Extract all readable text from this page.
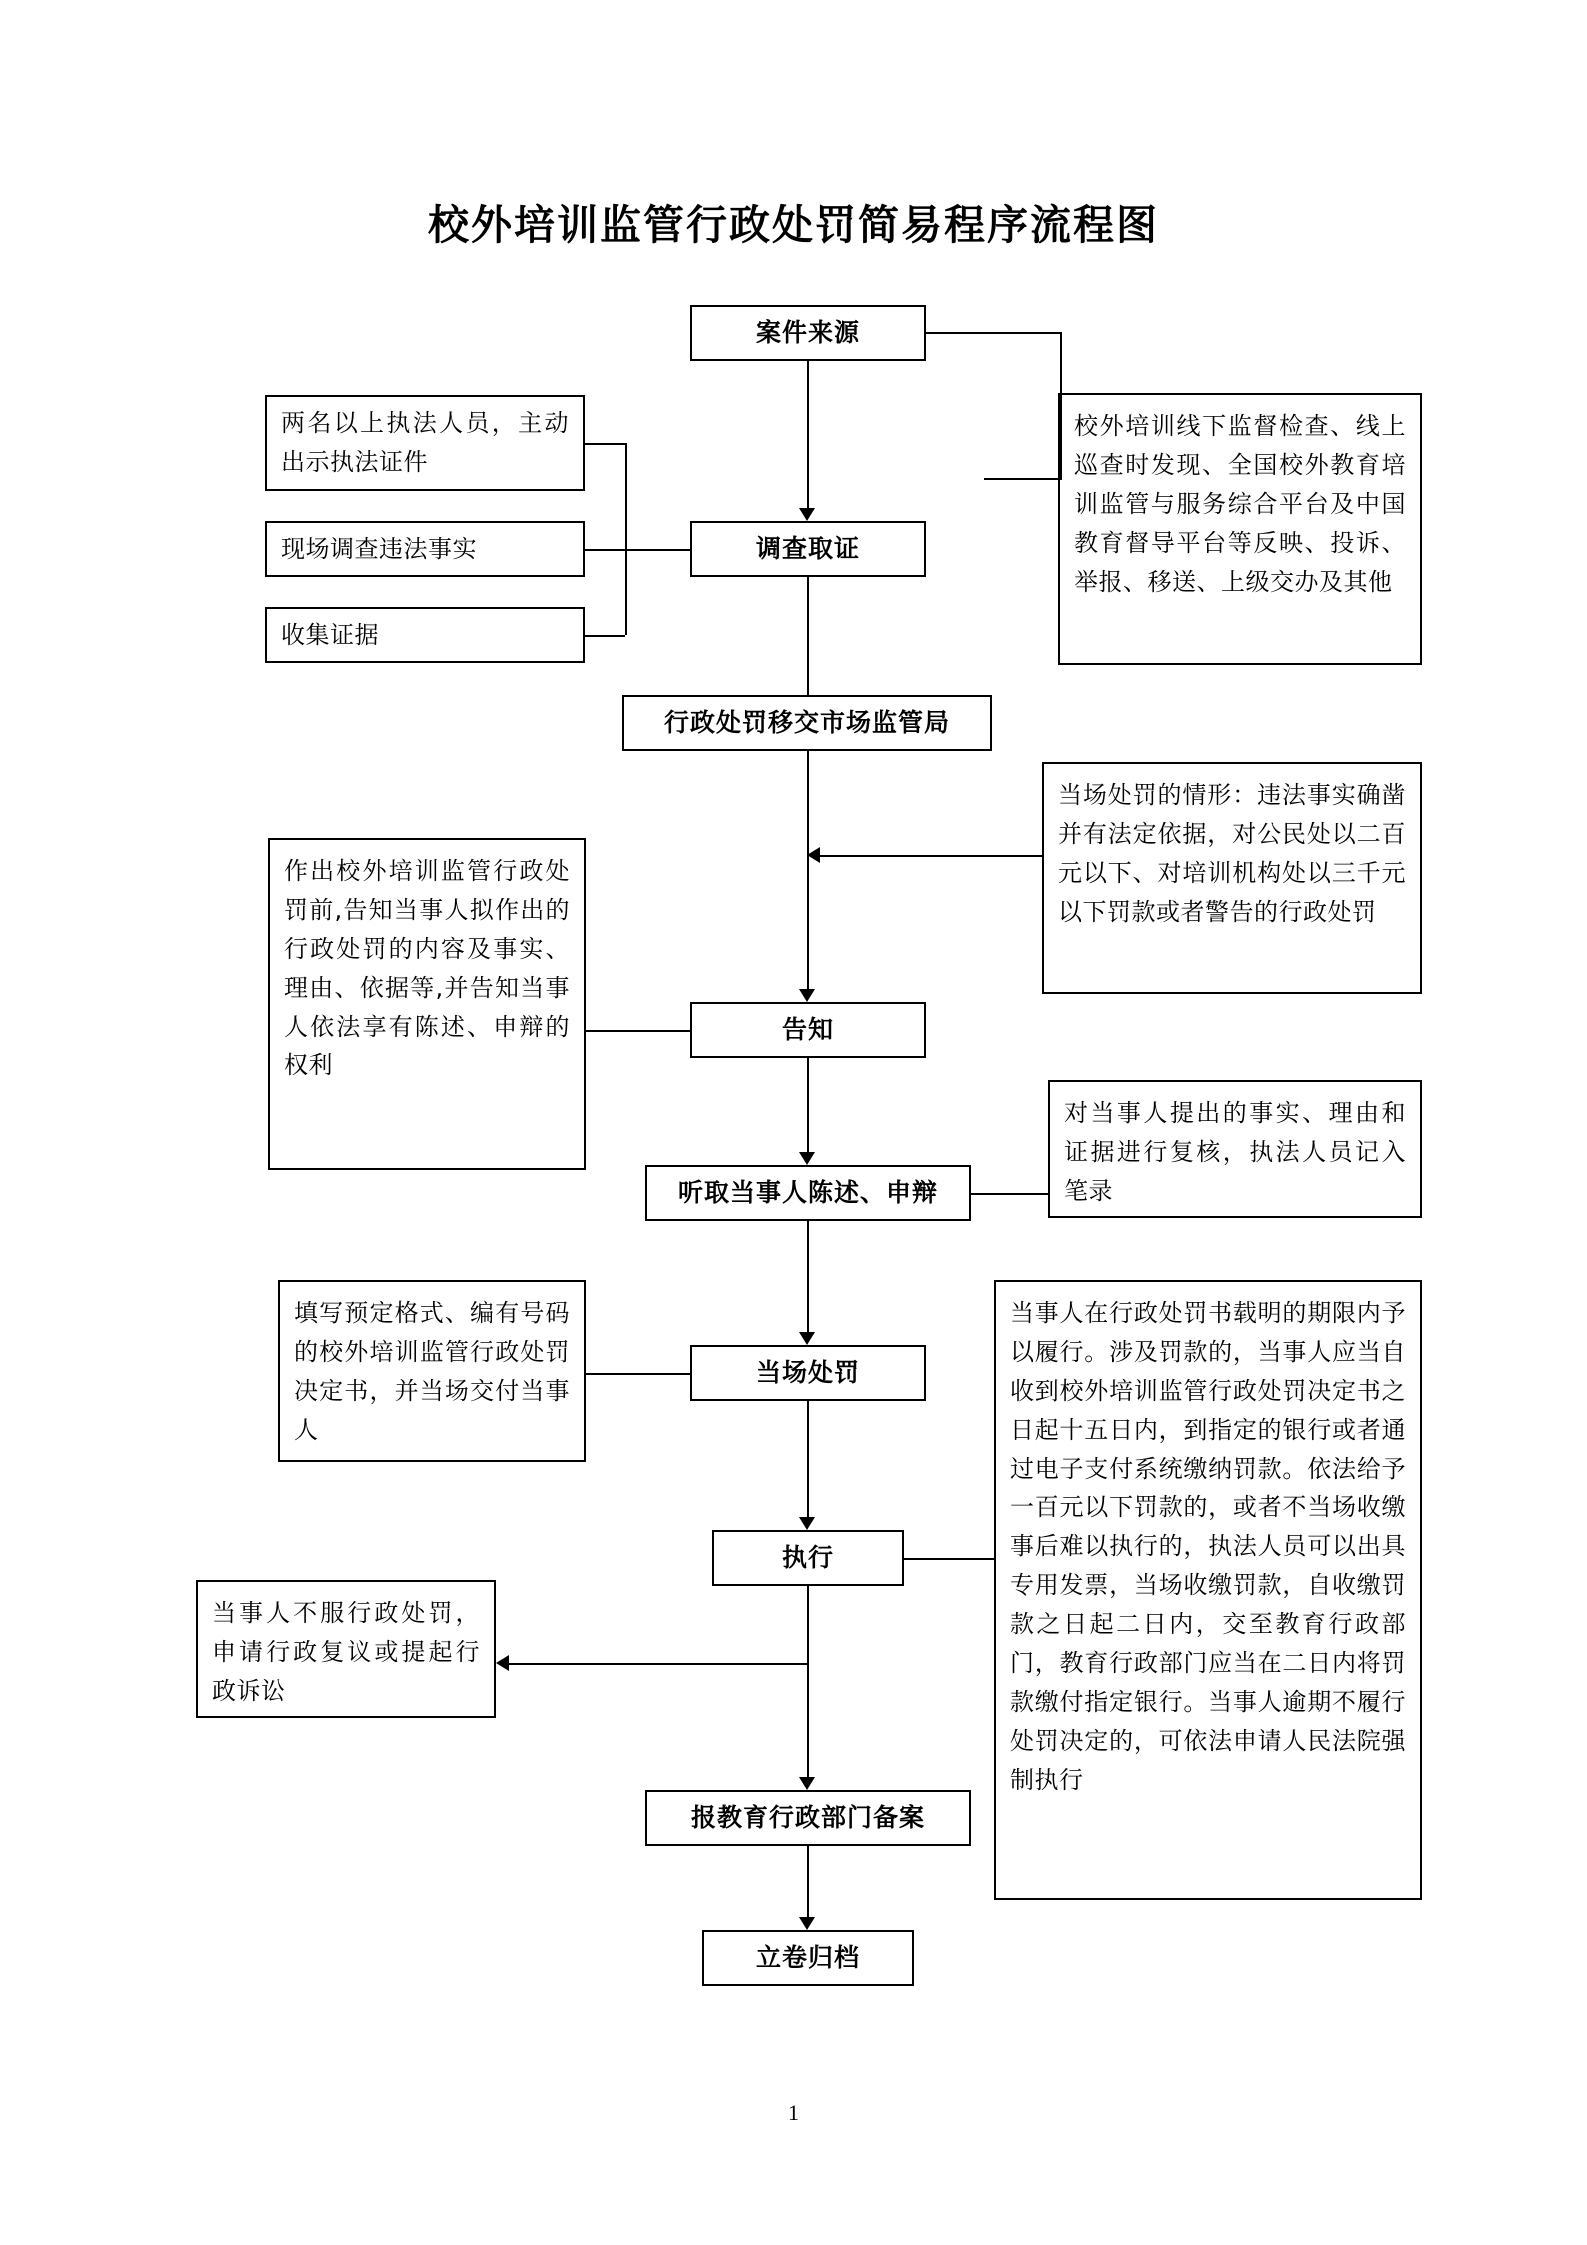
校外培训监管行政处罚简易程序流程图
案件来源
调查取证
行政处罚移交市场监管局
告知
听取当事人陈述、申辩
当场处罚
执行
报教育行政部门备案
立卷归档
两名以上执法人员，主动出示执法证件
现场调查违法事实
收集证据
作出校外培训监管行政处罚前,告知当事人拟作出的行政处罚的内容及事实、理由、依据等,并告知当事人依法享有陈述、申辩的权利
填写预定格式、编有号码的校外培训监管行政处罚决定书，并当场交付当事人
当事人不服行政处罚，申请行政复议或提起行政诉讼
校外培训线下监督检查、线上巡查时发现、全国校外教育培训监管与服务综合平台及中国教育督导平台等反映、投诉、举报、移送、上级交办及其他
当场处罚的情形：违法事实确凿并有法定依据，对公民处以二百元以下、对培训机构处以三千元以下罚款或者警告的行政处罚
对当事人提出的事实、理由和证据进行复核，执法人员记入笔录
当事人在行政处罚书载明的期限内予以履行。涉及罚款的，当事人应当自收到校外培训监管行政处罚决定书之日起十五日内，到指定的银行或者通过电子支付系统缴纳罚款。依法给予一百元以下罚款的，或者不当场收缴事后难以执行的，执法人员可以出具专用发票，当场收缴罚款，自收缴罚款之日起二日内，交至教育行政部门，教育行政部门应当在二日内将罚款缴付指定银行。当事人逾期不履行处罚决定的，可依法申请人民法院强制执行
1
